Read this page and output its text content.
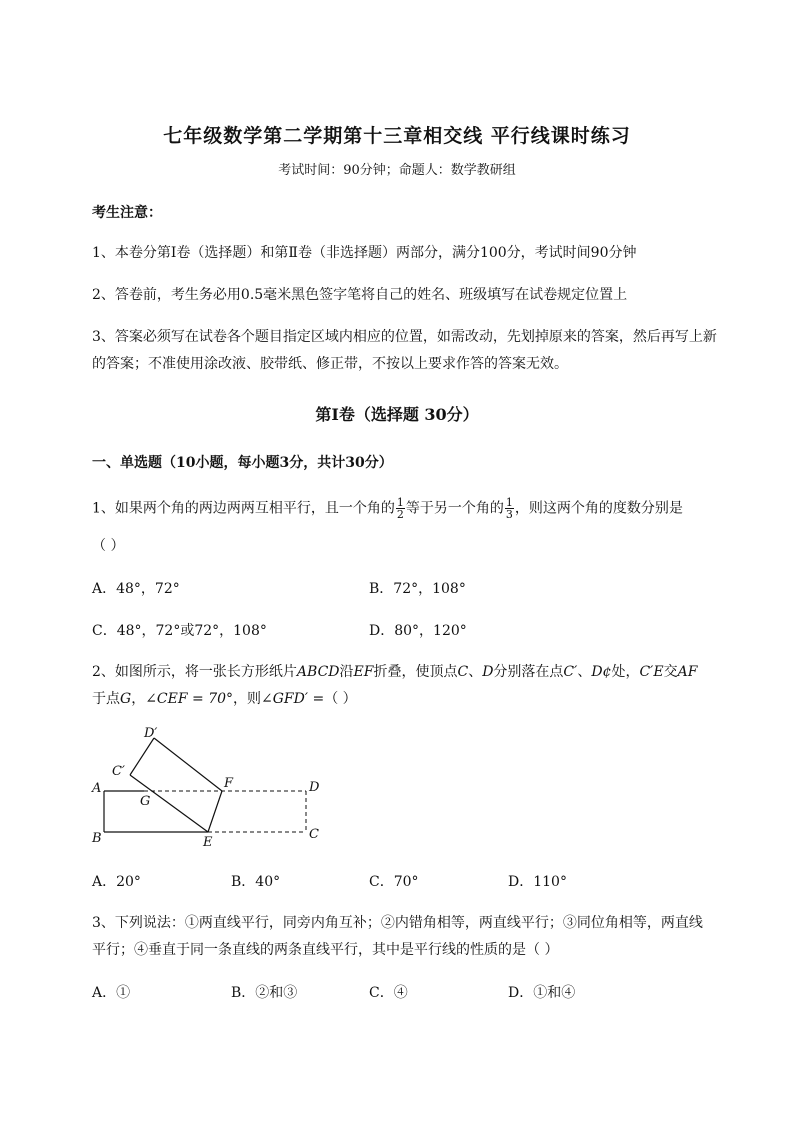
七年级数学第二学期第十三章相交线 平行线课时练习
考试时间：90分钟；命题人：数学教研组
考生注意：
1、本卷分第I卷（选择题）和第Ⅱ卷（非选择题）两部分，满分100分，考试时间90分钟
2、答卷前，考生务必用0.5毫米黑色签字笔将自己的姓名、班级填写在试卷规定位置上
3、答案必须写在试卷各个题目指定区域内相应的位置，如需改动，先划掉原来的答案，然后再写上新
的答案；不准使用涂改液、胶带纸、修正带，不按以上要求作答的答案无效。
第I卷（选择题 30分）
一、单选题（10小题，每小题3分，共计30分）
1、如果两个角的两边两两互相平行，且一个角的 $\frac{1}{2}$ 等于另一个角的 $\frac{1}{3}$ ，则这两个角的度数分别是
（ ）
A．48°，72°	B．72°，108°
C．48°，72°或72°，108°	D．80°，120°
2、如图所示，将一张长方形纸片ABCD沿EF折叠，使顶点C、D分别落在点C′、D¢处，C′E交AF
于点G，∠CEF = 70°，则∠GFD′ =（ ）
D′
C′
A
G
F	D
B	E
C
A．20°	B．40°	C．70°	D．110°
3、下列说法：①两直线平行，同旁内角互补；②内错角相等，两直线平行；③同位角相等，两直线
平行；④垂直于同一条直线的两条直线平行，其中是平行线的性质的是（ ）
A．①	B．②和③	C．④	D．①和④
